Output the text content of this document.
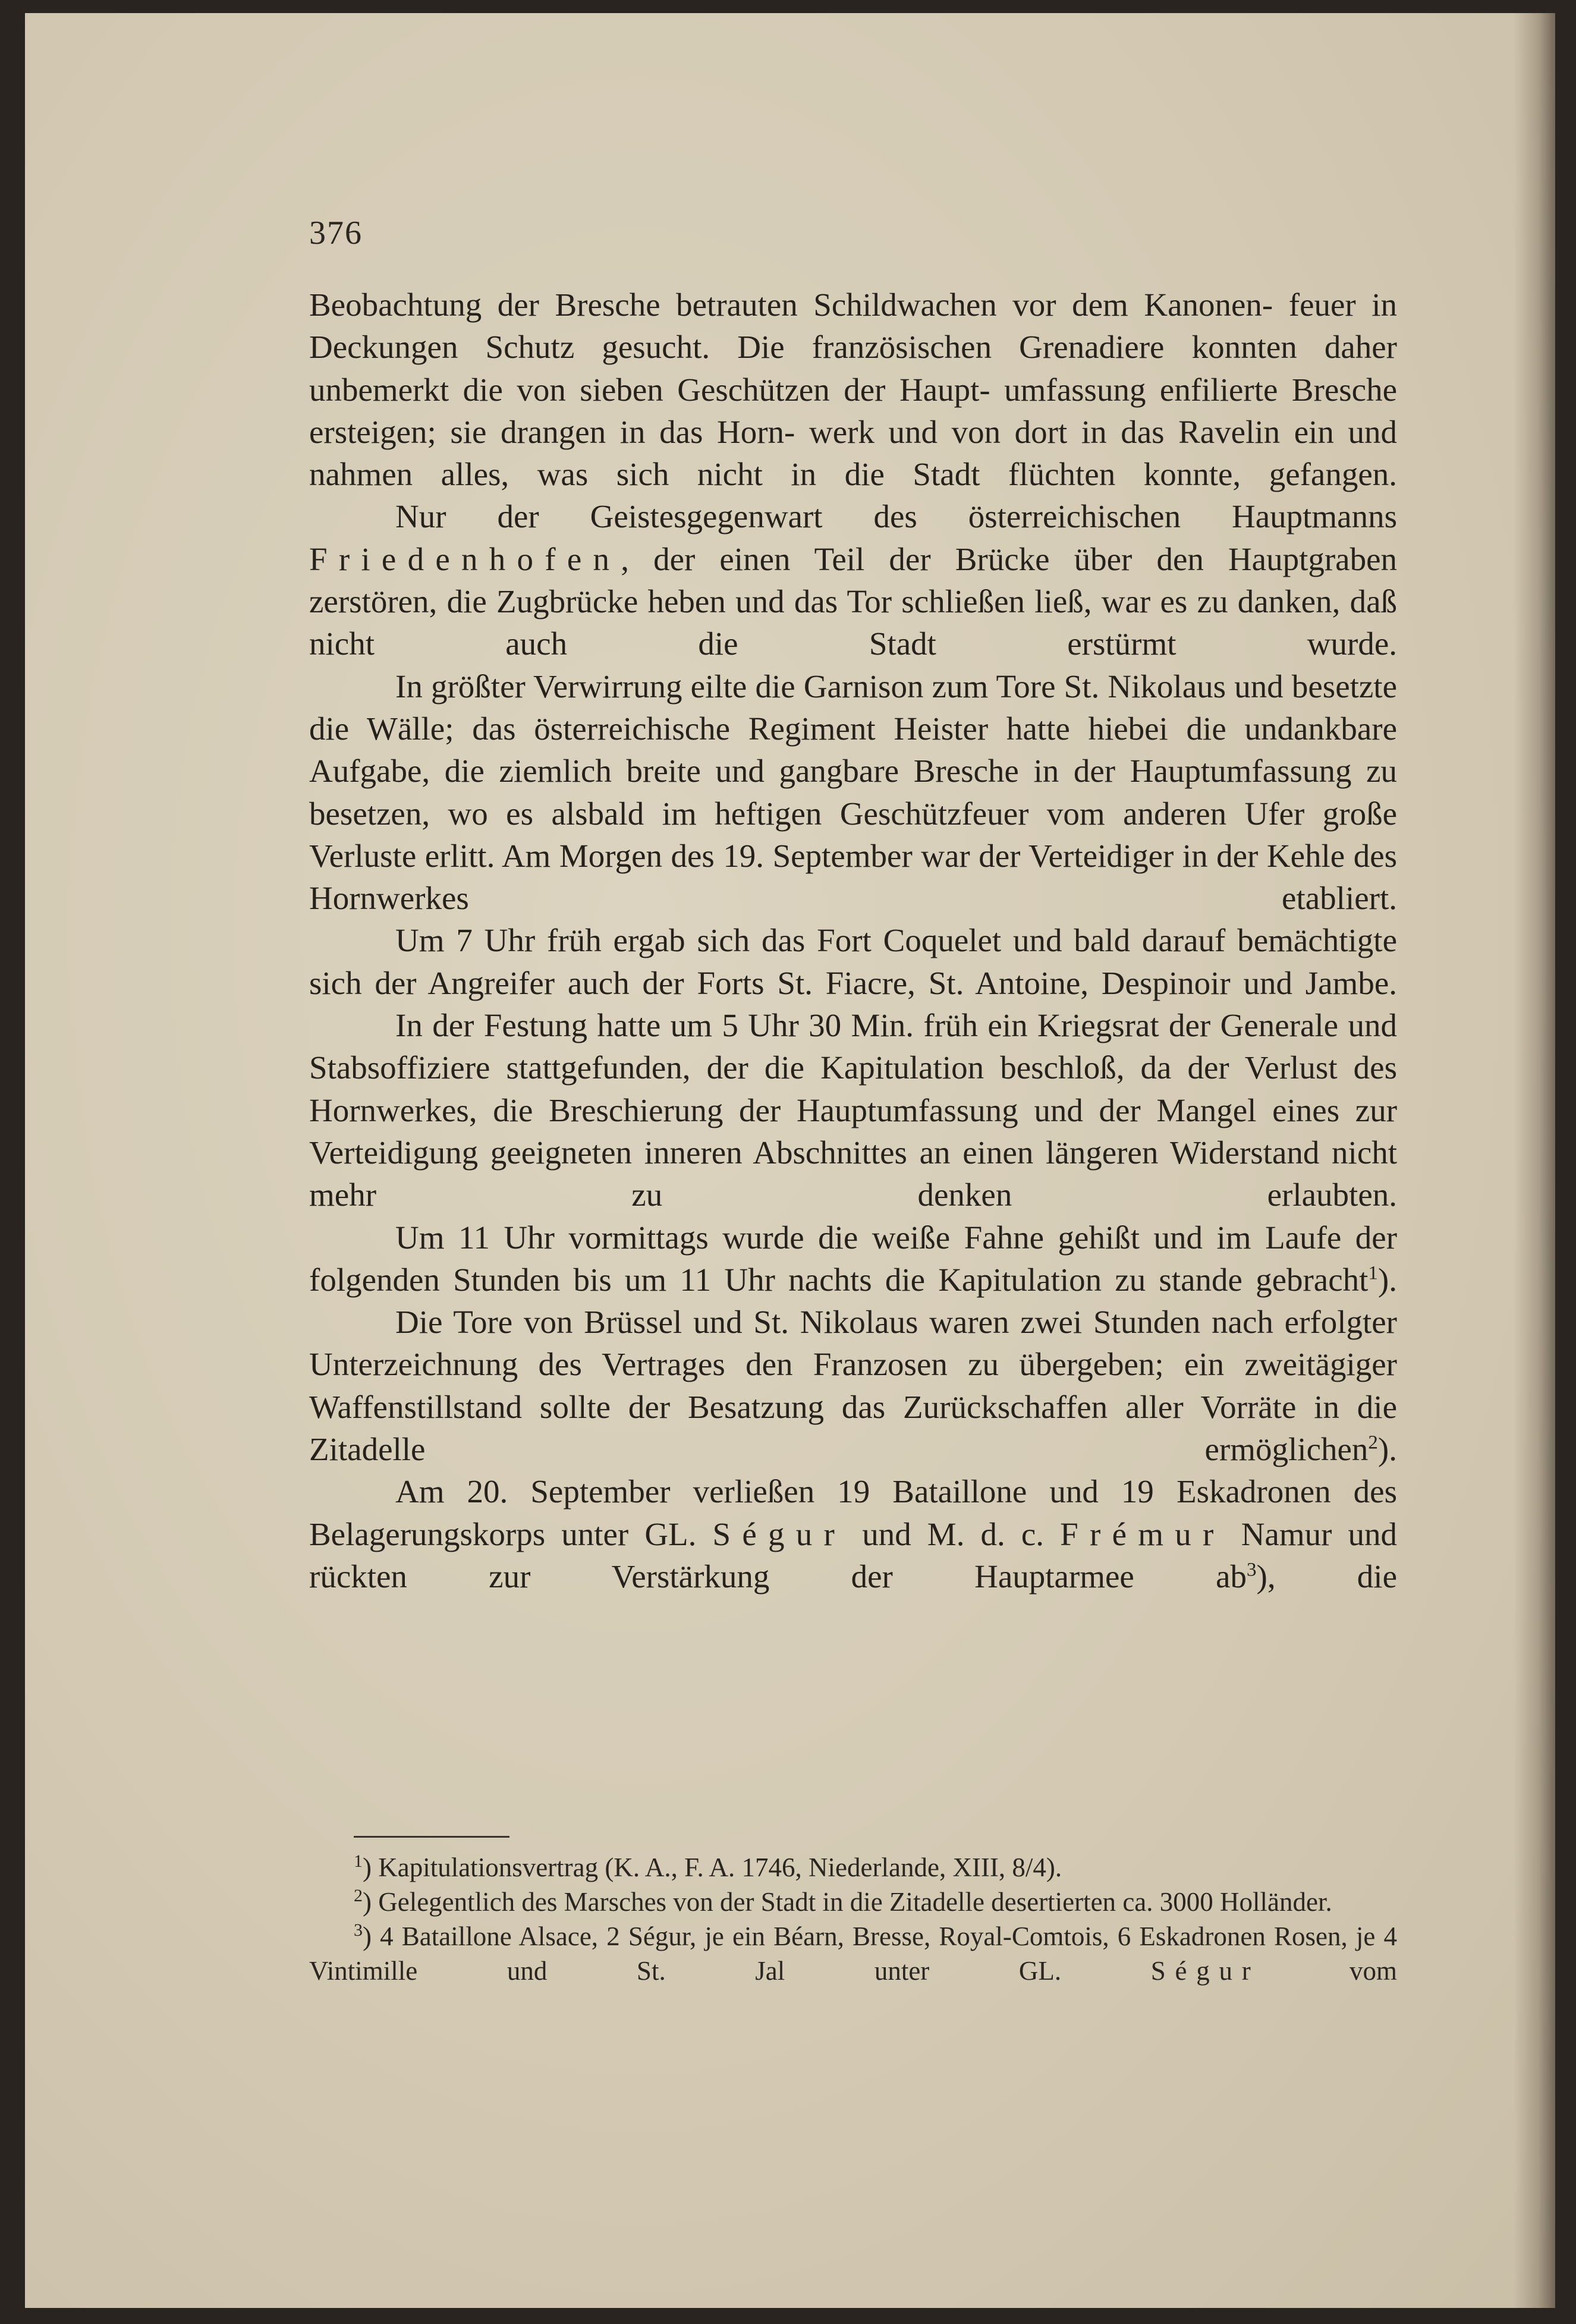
376

Beobachtung der Bresche betrauten Schildwachen vor dem Kanonen- feuer in Deckungen Schutz gesucht. Die französischen Grenadiere konnten daher unbemerkt die von sieben Geschützen der Haupt- umfassung enfilierte Bresche ersteigen; sie drangen in das Horn- werk und von dort in das Ravelin ein und nahmen alles, was sich nicht in die Stadt flüchten konnte, gefangen.

Nur der Geistesgegenwart des österreichischen Hauptmanns Friedenhofen, der einen Teil der Brücke über den Hauptgraben zerstören, die Zugbrücke heben und das Tor schließen ließ, war es zu danken, daß nicht auch die Stadt erstürmt wurde.

In größter Verwirrung eilte die Garnison zum Tore St. Nikolaus und besetzte die Wälle; das österreichische Regiment Heister hatte hiebei die undankbare Aufgabe, die ziemlich breite und gangbare Bresche in der Hauptumfassung zu besetzen, wo es alsbald im heftigen Geschützfeuer vom anderen Ufer große Verluste erlitt. Am Morgen des 19. September war der Verteidiger in der Kehle des Hornwerkes etabliert.

Um 7 Uhr früh ergab sich das Fort Coquelet und bald darauf bemächtigte sich der Angreifer auch der Forts St. Fiacre, St. Antoine, Despinoir und Jambe.

In der Festung hatte um 5 Uhr 30 Min. früh ein Kriegsrat der Generale und Stabsoffiziere stattgefunden, der die Kapitulation beschloß, da der Verlust des Hornwerkes, die Breschierung der Hauptumfassung und der Mangel eines zur Verteidigung geeigneten inneren Abschnittes an einen längeren Widerstand nicht mehr zu	denken erlaubten.

Um 11 Uhr vormittags wurde die weiße Fahne gehißt und im Laufe der folgenden Stunden bis um 11 Uhr nachts die Kapitulation zu stande gebracht$^1$).

Die Tore von Brüssel und St. Nikolaus waren zwei Stunden nach erfolgter Unterzeichnung des Vertrages den Franzosen zu übergeben; ein zweitägiger Waffenstillstand sollte der Besatzung das Zurückschaffen aller Vorräte in die Zitadelle ermöglichen$^2$).

Am 20. September verließen 19 Bataillone und 19 Eskadronen des Belagerungskorps unter GL. Ségur und M. d. c. Frémur Namur und rückten zur Verstärkung der Hauptarmee $ab^3$), die

$^1$) Kapitulationsvertrag (K. A., F. A. 1746, Niederlande, XIII, 8/4).

$^2$) Gelegentlich des Marsches von der Stadt in die Zitadelle desertierten ca. 3000 Holländer.

$^3$) 4 Bataillone Alsace, 2 Ségur, je ein Béarn, Bresse, Royal-Comtois, 6 Eskadronen Rosen, je 4 Vintimille und St. Jal unter GL.	Ségur	vom
